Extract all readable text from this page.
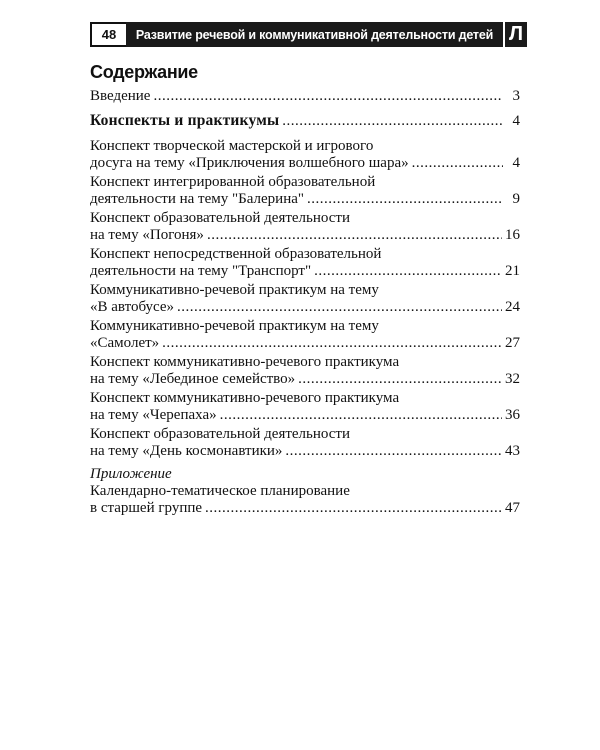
48	Развитие речевой и коммуникативной деятельности детей Л
Содержание
Введение .....	3
Конспекты и практикумы .....	4
Конспект творческой мастерской и игрового
досуга на тему «Приключения волшебного шара» .....	4
Конспект интегрированной образовательной
деятельности на тему "Балерина" .....	9
Конспект образовательной деятельности
на тему «Погоня» .....	16
Конспект непосредственной образовательной
деятельности на тему "Транспорт" .....	21
Коммуникативно-речевой практикум на тему
«В автобусе» .....	24
Коммуникативно-речевой практикум на тему
«Самолет» .....	27
Конспект коммуникативно-речевого практикума
на тему «Лебединое семейство» .....	32
Конспект коммуникативно-речевого практикума
на тему «Черепаха» .....	36
Конспект образовательной деятельности
на тему «День космонавтики» .....	43
Приложение
Календарно-тематическое планирование
в старшей группе .....	47
